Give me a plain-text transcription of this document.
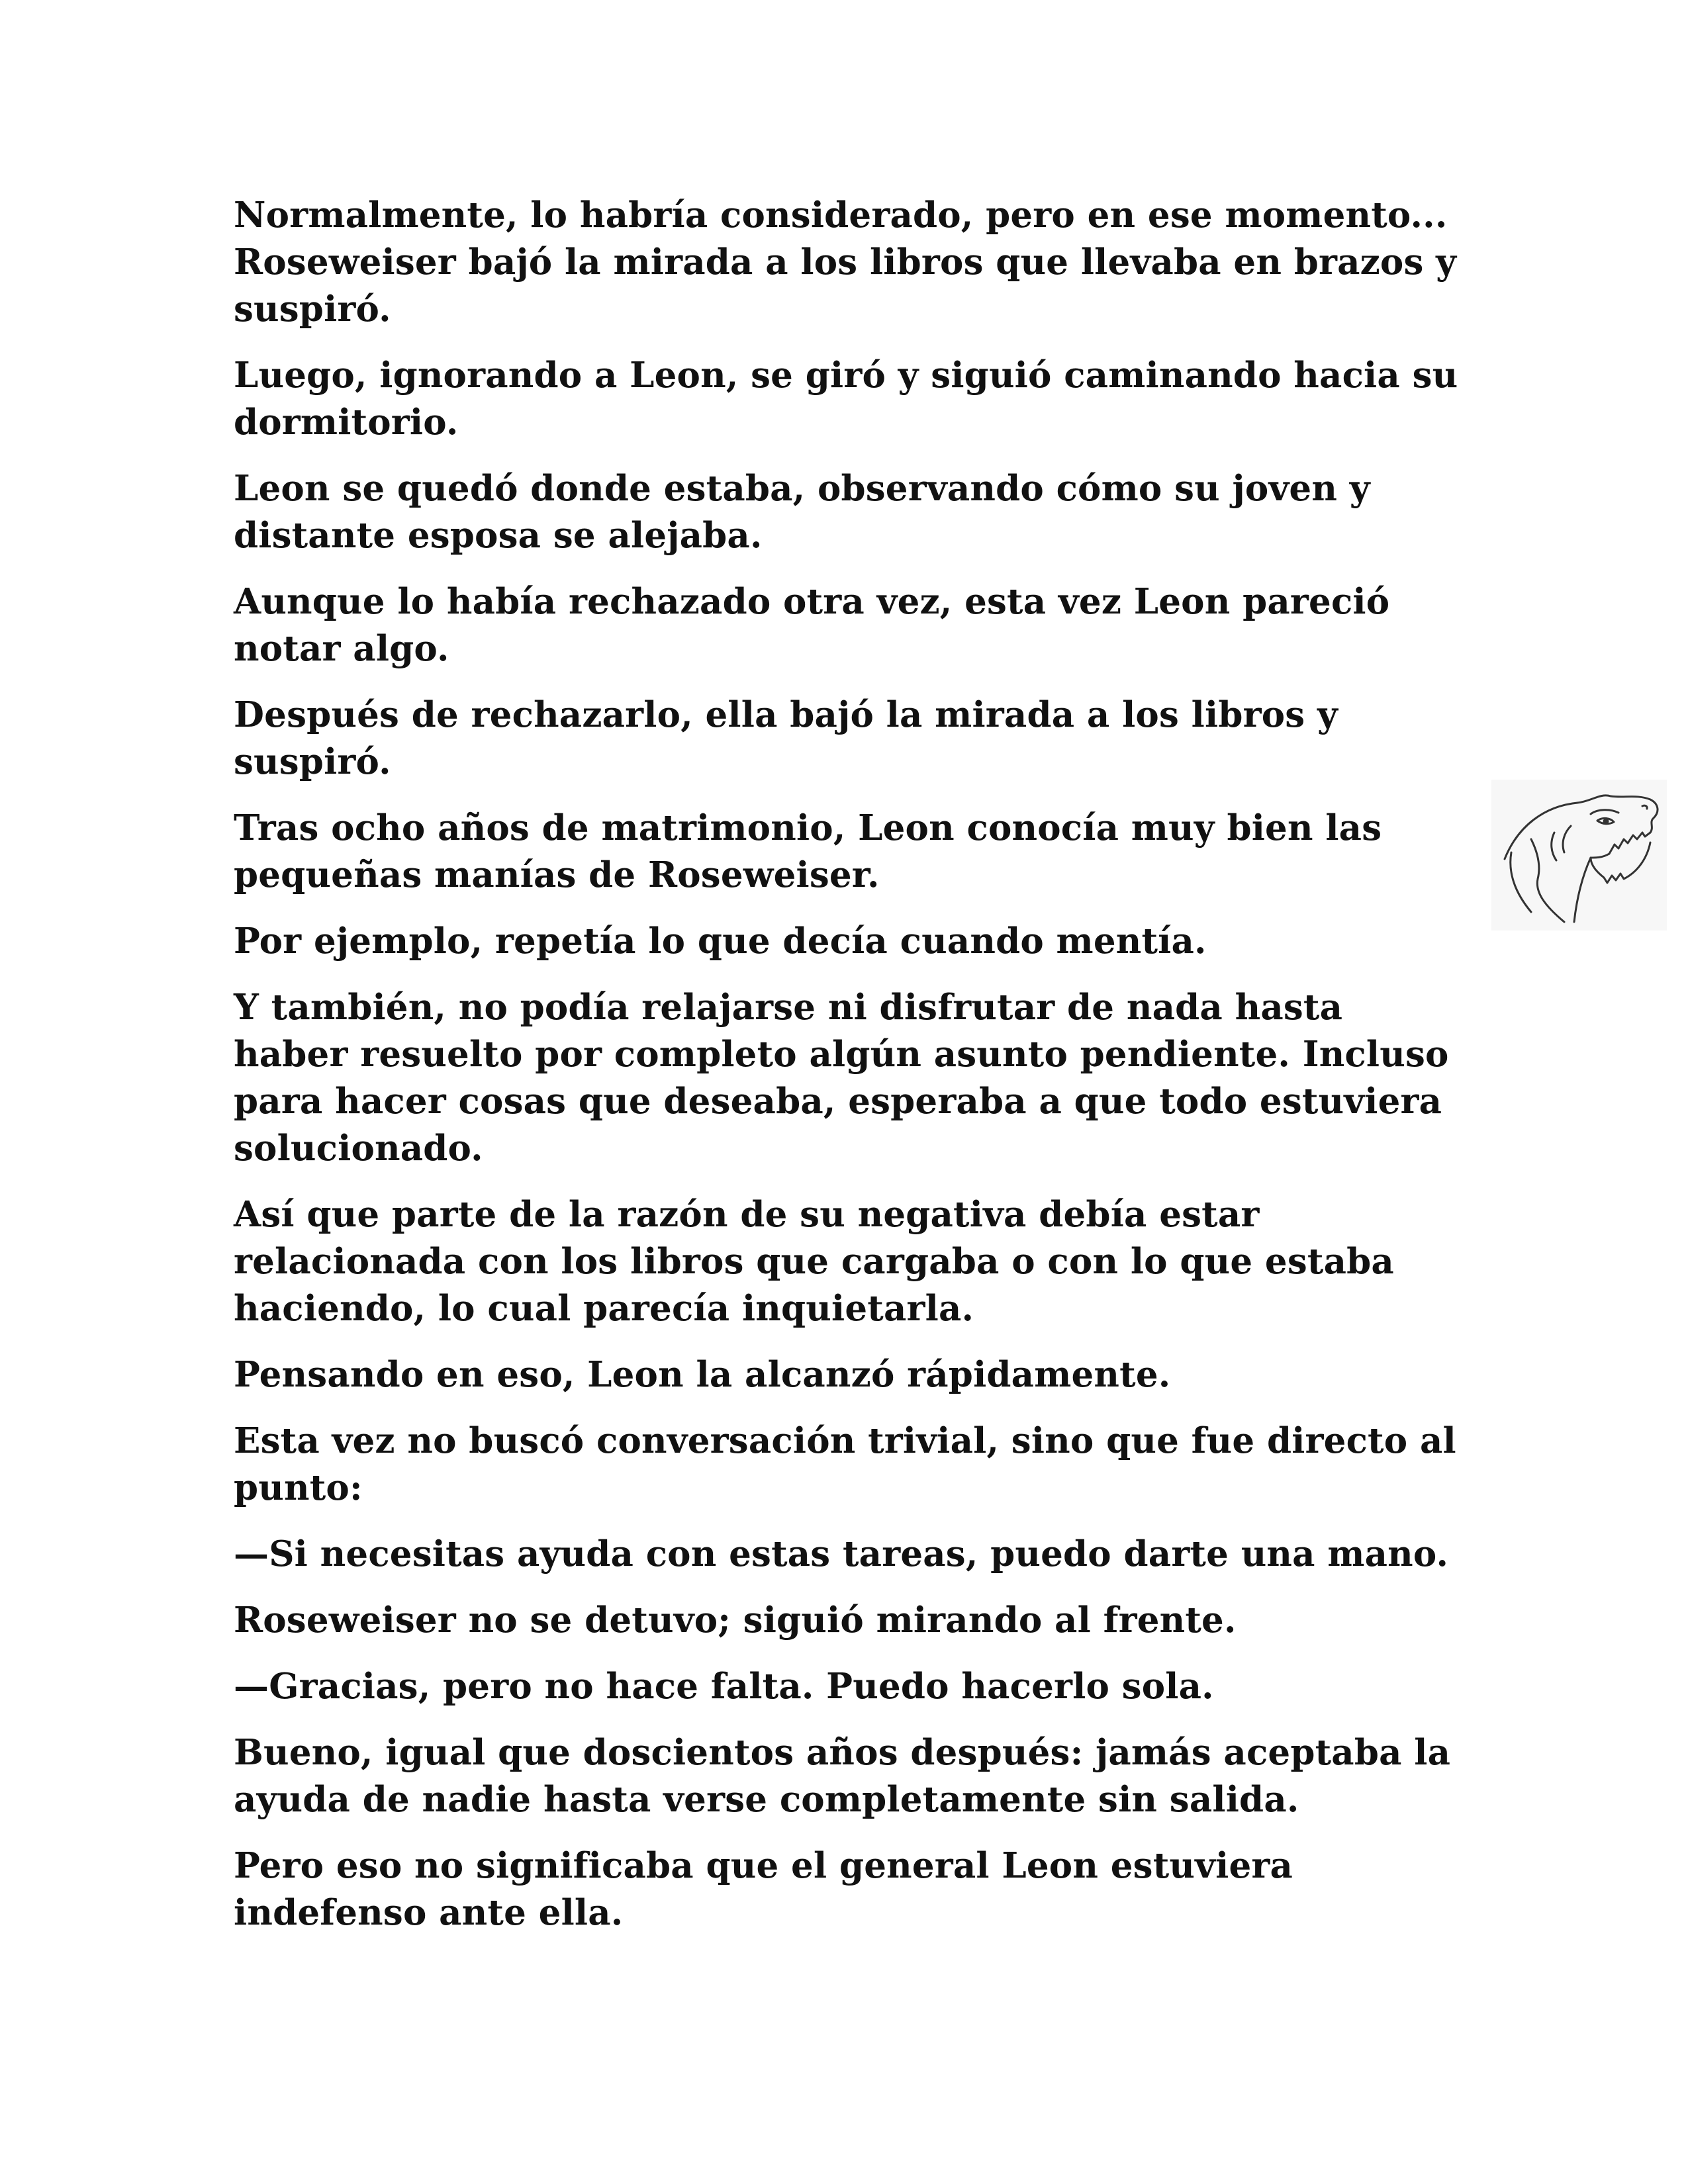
Normalmente, lo habría considerado, pero en ese momento... Roseweiser bajó la mirada a los libros que llevaba en brazos y suspiró.

Luego, ignorando a Leon, se giró y siguió caminando hacia su dormitorio.

Leon se quedó donde estaba, observando cómo su joven y distante esposa se alejaba.

Aunque lo había rechazado otra vez, esta vez Leon pareció notar algo.

Después de rechazarlo, ella bajó la mirada a los libros y suspiró.

Tras ocho años de matrimonio, Leon conocía muy bien las pequeñas manías de Roseweiser.

Por ejemplo, repetía lo que decía cuando mentía.

Y también, no podía relajarse ni disfrutar de nada hasta haber resuelto por completo algún asunto pendiente. Incluso para hacer cosas que deseaba, esperaba a que todo estuviera solucionado.

Así que parte de la razón de su negativa debía estar relacionada con los libros que cargaba o con lo que estaba haciendo, lo cual parecía inquietarla.

Pensando en eso, Leon la alcanzó rápidamente.

Esta vez no buscó conversación trivial, sino que fue directo al punto:

—Si necesitas ayuda con estas tareas, puedo darte una mano.

Roseweiser no se detuvo; siguió mirando al frente.

—Gracias, pero no hace falta. Puedo hacerlo sola.

Bueno, igual que doscientos años después: jamás aceptaba la ayuda de nadie hasta verse completamente sin salida.

Pero eso no significaba que el general Leon estuviera indefenso ante ella.
